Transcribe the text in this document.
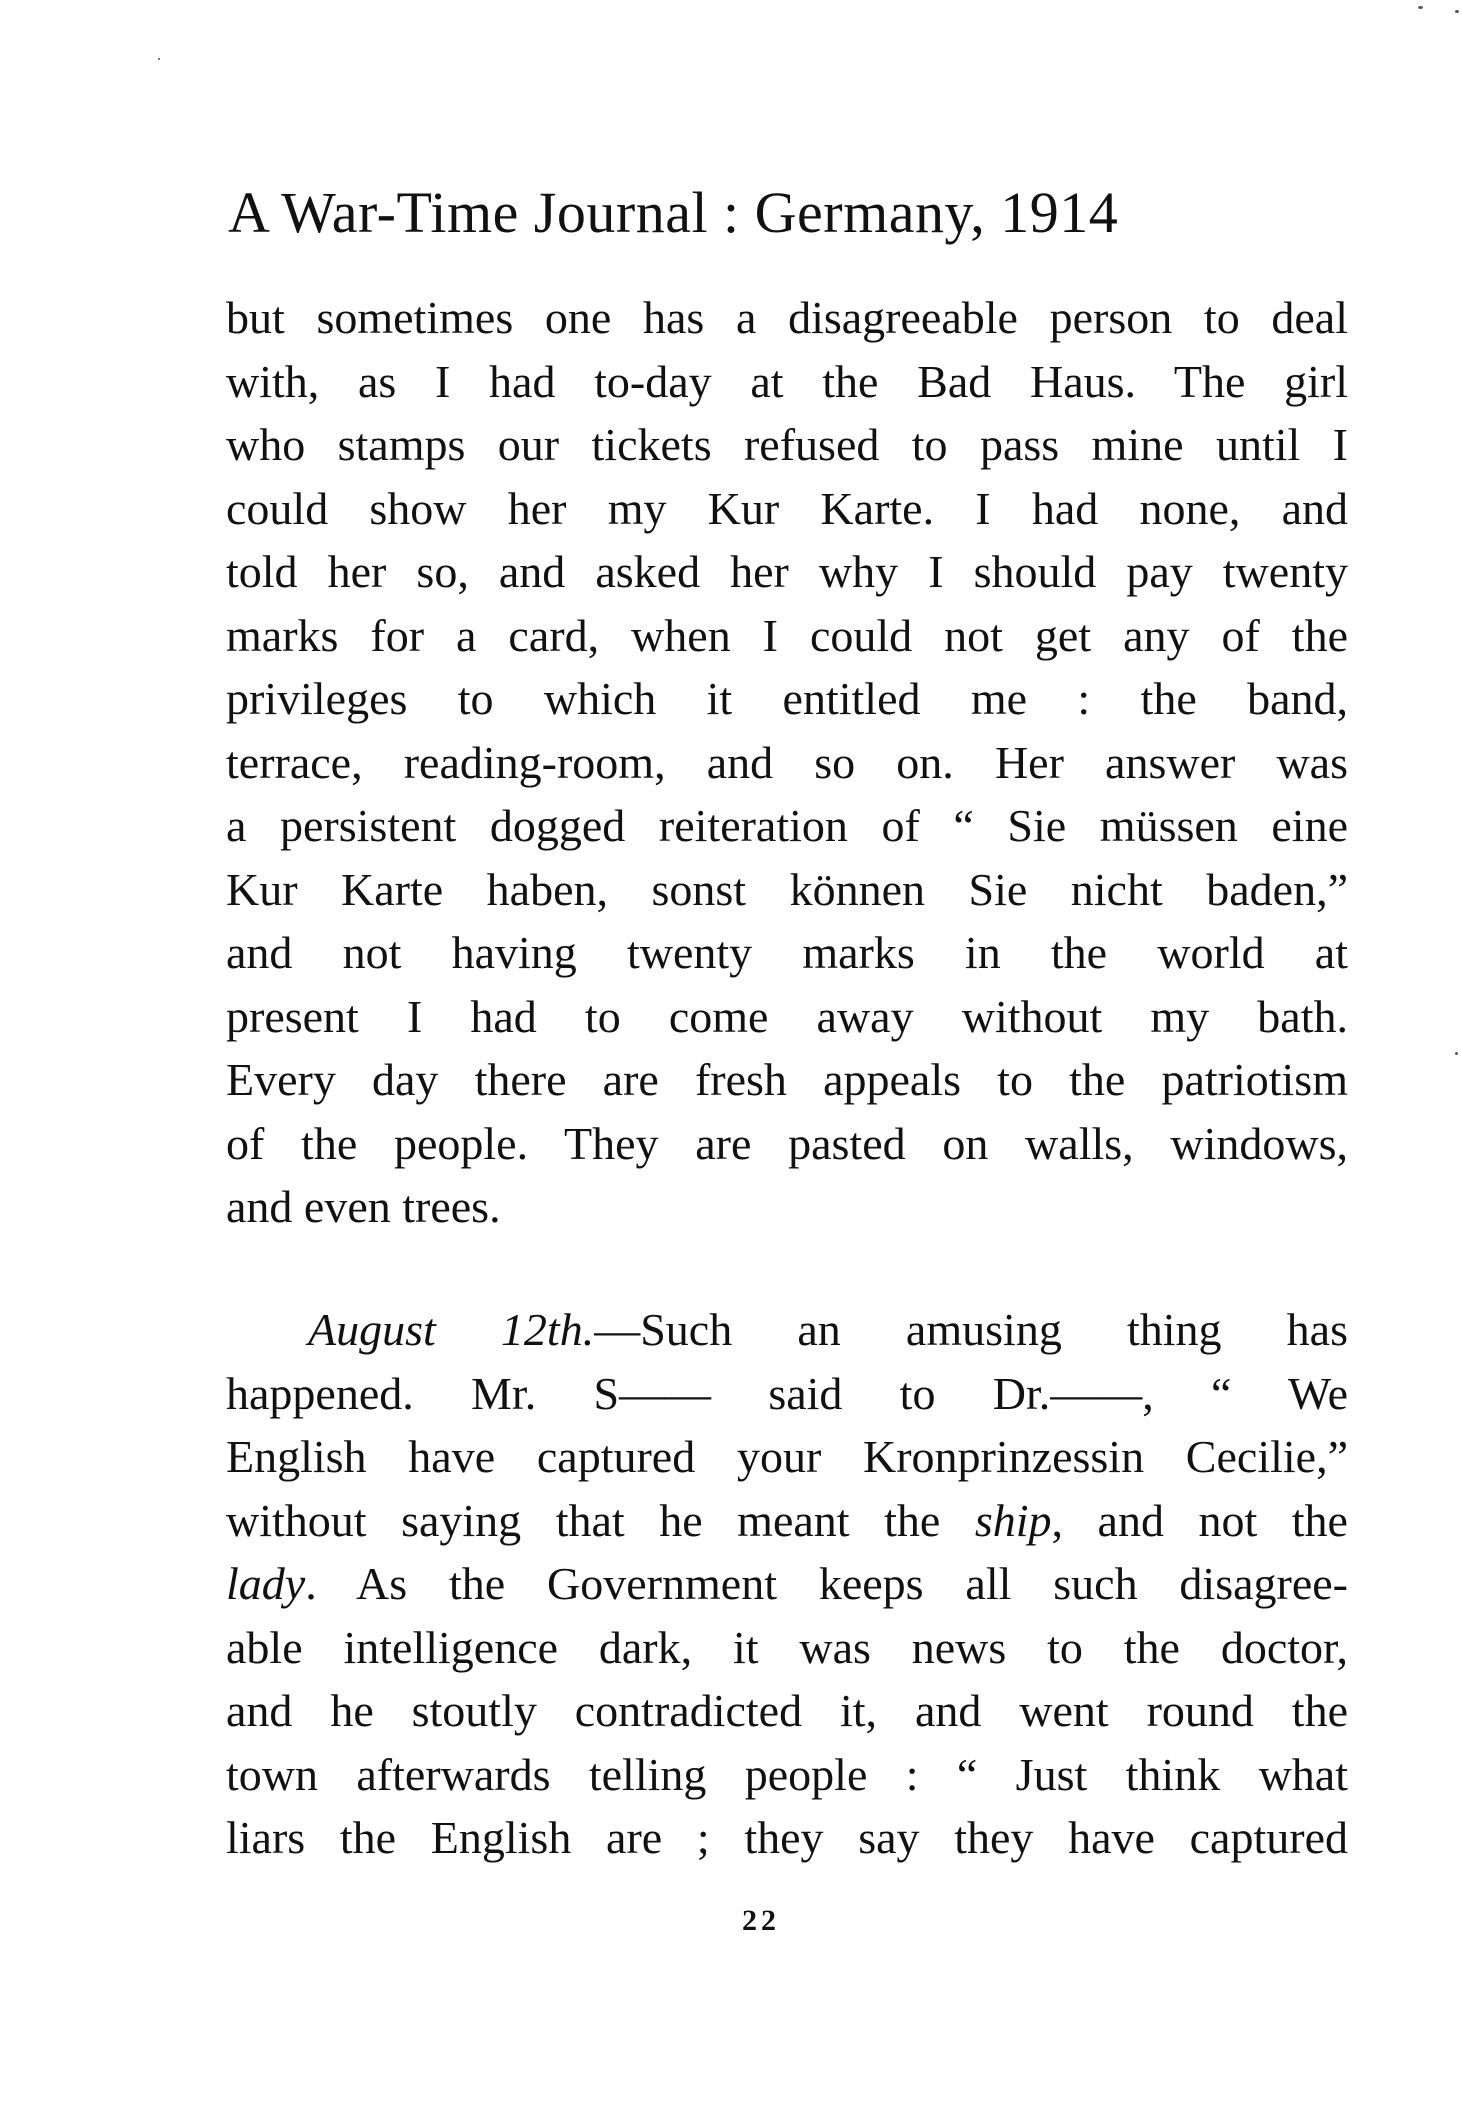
A War-Time Journal : Germany, 1914
but sometimes one has a disagreeable person to deal
with, as I had to-day at the Bad Haus. The girl
who stamps our tickets refused to pass mine until I
could show her my Kur Karte. I had none, and
told her so, and asked her why I should pay twenty
marks for a card, when I could not get any of the
privileges to which it entitled me : the band,
terrace, reading-room, and so on. Her answer was
a persistent dogged reiteration of “ Sie müssen eine
Kur Karte haben, sonst können Sie nicht baden,”
and not having twenty marks in the world at
present I had to come away without my bath.
Every day there are fresh appeals to the patriotism
of the people. They are pasted on walls, windows,
and even trees.
August 12th.—Such an amusing thing has
happened. Mr. S—— said to Dr.——, “ We
English have captured your Kronprinzessin Cecilie,”
without saying that he meant the ship, and not the
lady. As the Government keeps all such disagree-
able intelligence dark, it was news to the doctor,
and he stoutly contradicted it, and went round the
town afterwards telling people : “ Just think what
liars the English are ; they say they have captured
22
